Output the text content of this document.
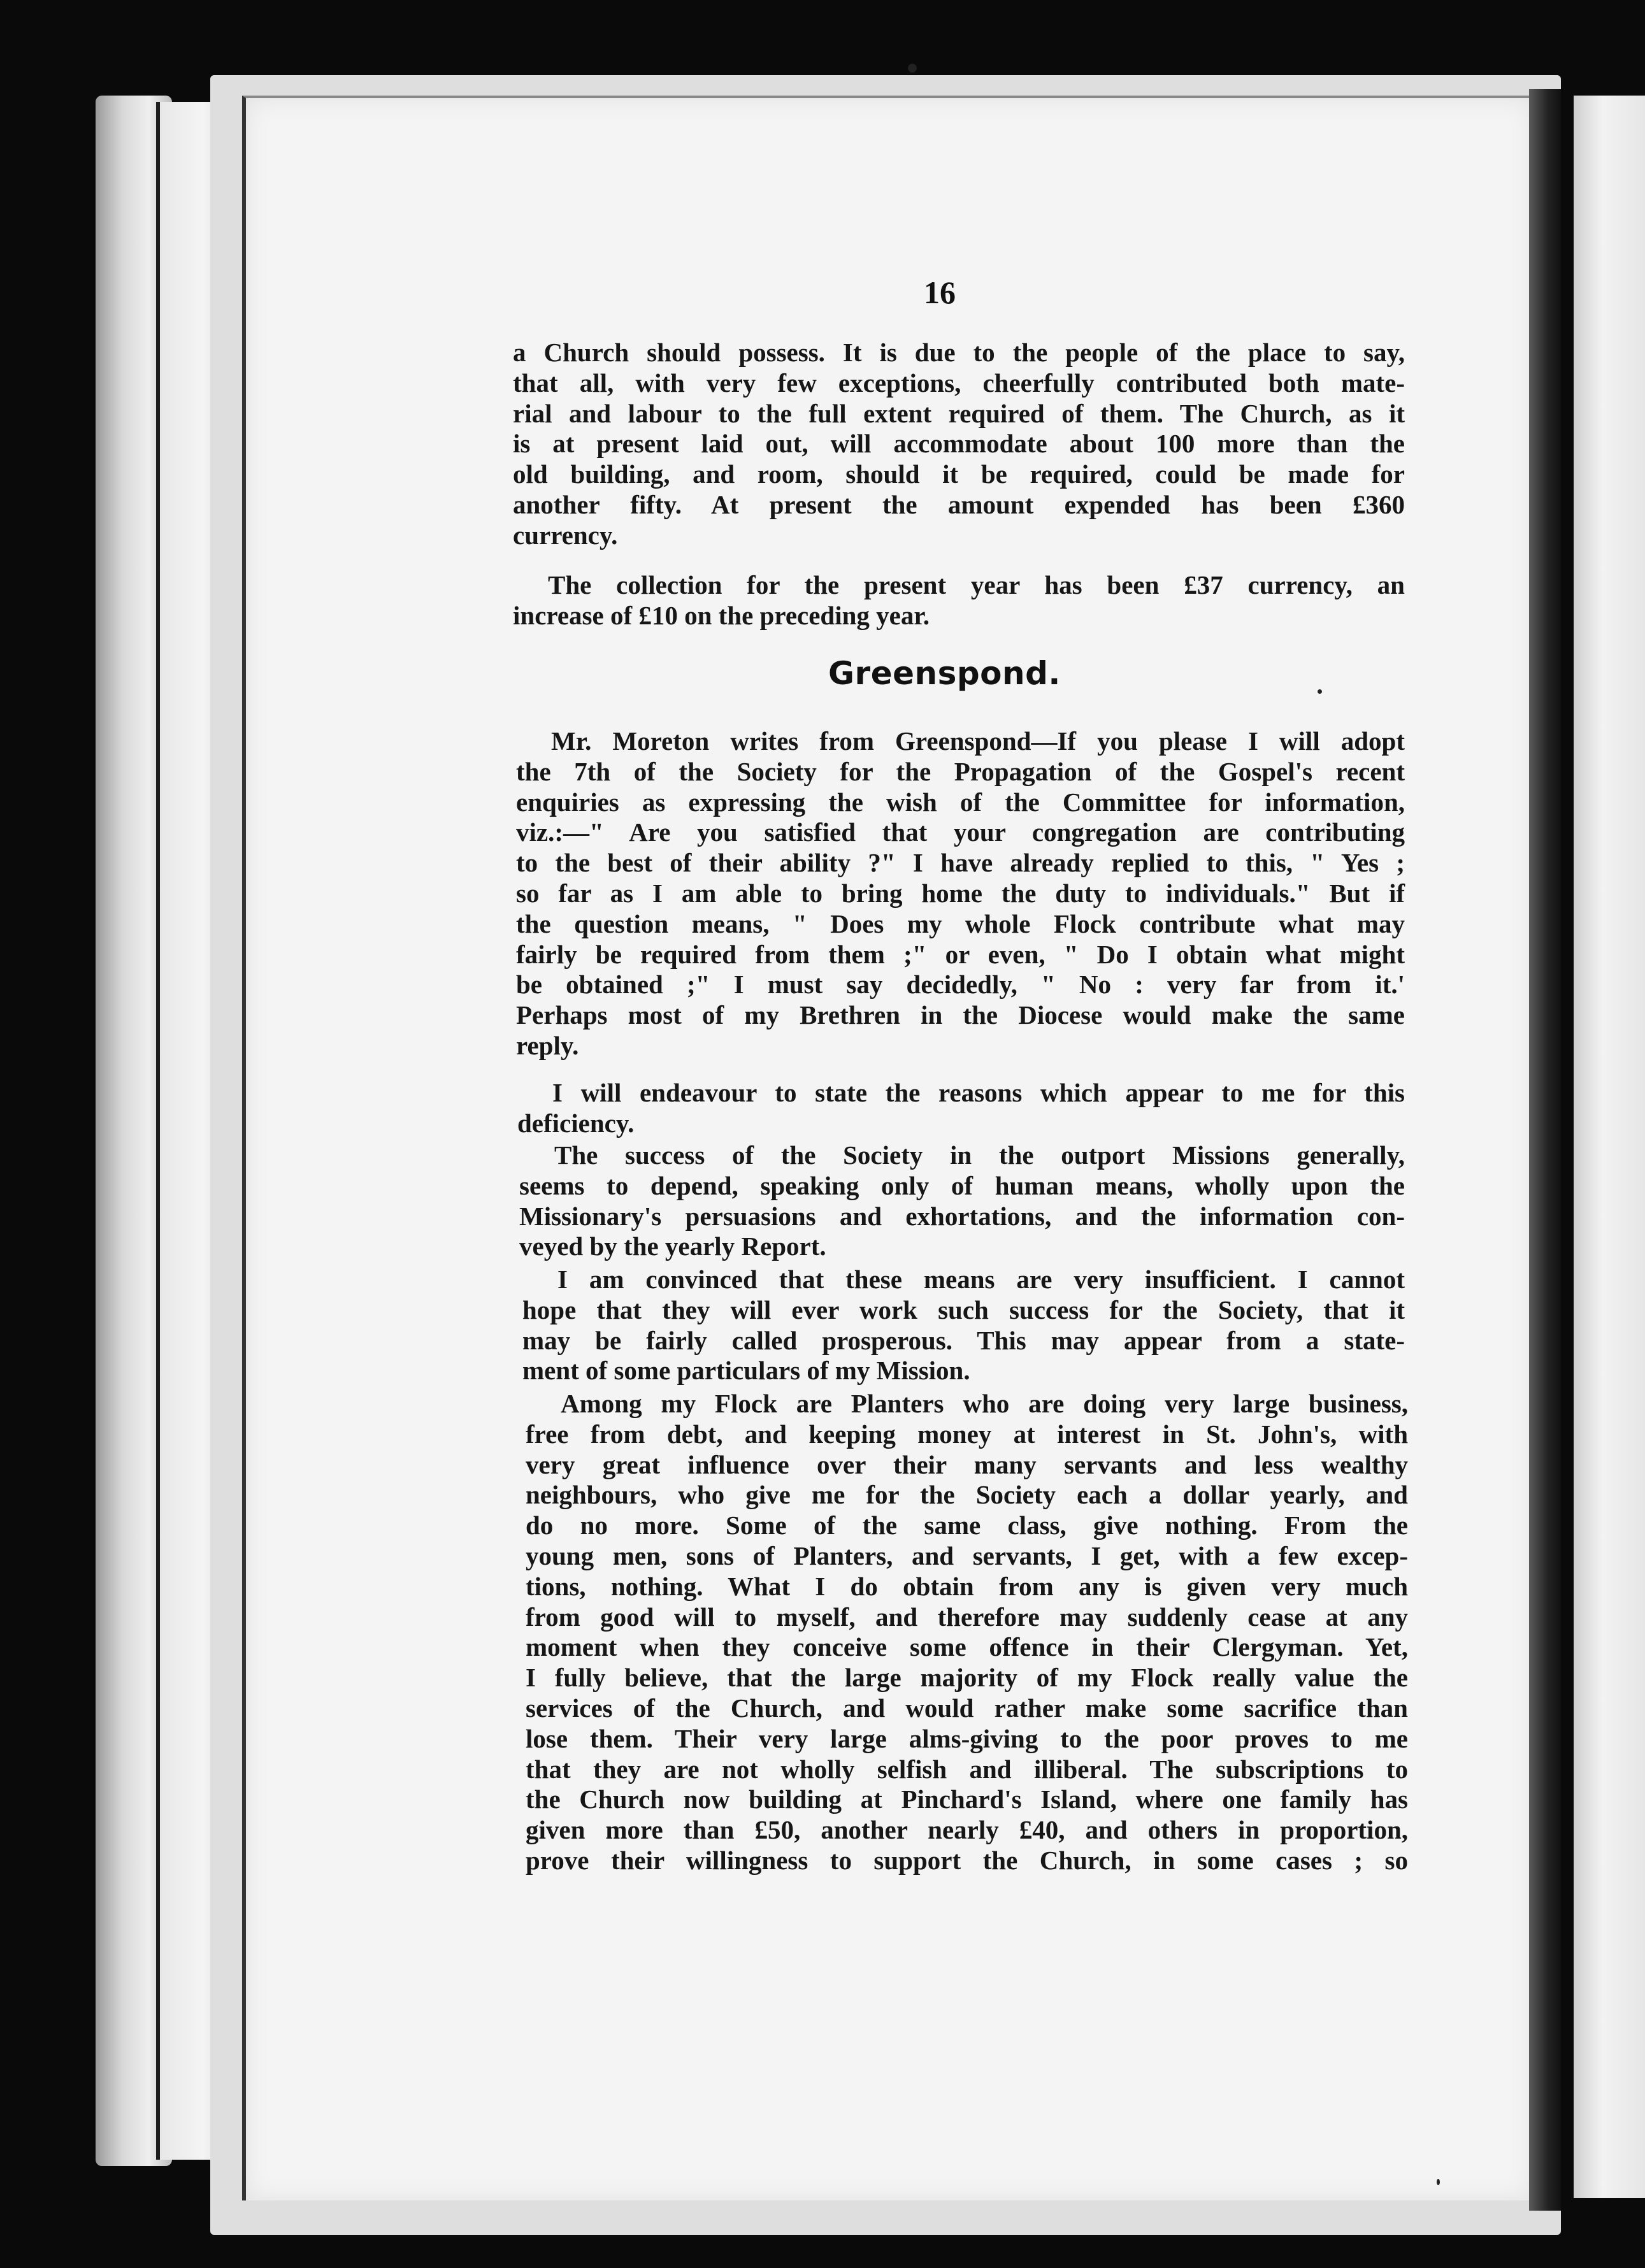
16
a Church should possess. It is due to the people of the place to say,
that all, with very few exceptions, cheerfully contributed both mate-
rial and labour to the full extent required of them. The Church, as it
is at present laid out, will accommodate about 100 more than the
old building, and room, should it be required, could be made for
another fifty. At present the amount expended has been £360
currency.
The collection for the present year has been £37 currency, an
increase of £10 on the preceding year.
Greenspond.
Mr. Moreton writes from Greenspond—If you please I will adopt
the 7th of the Society for the Propagation of the Gospel's recent
enquiries as expressing the wish of the Committee for information,
viz.:—" Are you satisfied that your congregation are contributing
to the best of their ability ?" I have already replied to this, " Yes ;
so far as I am able to bring home the duty to individuals." But if
the question means, " Does my whole Flock contribute what may
fairly be required from them ;" or even, " Do I obtain what might
be obtained ;" I must say decidedly, " No : very far from it.'
Perhaps most of my Brethren in the Diocese would make the same
reply.
I will endeavour to state the reasons which appear to me for this
deficiency.
The success of the Society in the outport Missions generally,
seems to depend, speaking only of human means, wholly upon the
Missionary's persuasions and exhortations, and the information con-
veyed by the yearly Report.
I am convinced that these means are very insufficient. I cannot
hope that they will ever work such success for the Society, that it
may be fairly called prosperous. This may appear from a state-
ment of some particulars of my Mission.
Among my Flock are Planters who are doing very large business,
free from debt, and keeping money at interest in St. John's, with
very great influence over their many servants and less wealthy
neighbours, who give me for the Society each a dollar yearly, and
do no more. Some of the same class, give nothing. From the
young men, sons of Planters, and servants, I get, with a few excep-
tions, nothing. What I do obtain from any is given very much
from good will to myself, and therefore may suddenly cease at any
moment when they conceive some offence in their Clergyman. Yet,
I fully believe, that the large majority of my Flock really value the
services of the Church, and would rather make some sacrifice than
lose them. Their very large alms-giving to the poor proves to me
that they are not wholly selfish and illiberal. The subscriptions to
the Church now building at Pinchard's Island, where one family has
given more than £50, another nearly £40, and others in proportion,
prove their willingness to support the Church, in some cases ; so
